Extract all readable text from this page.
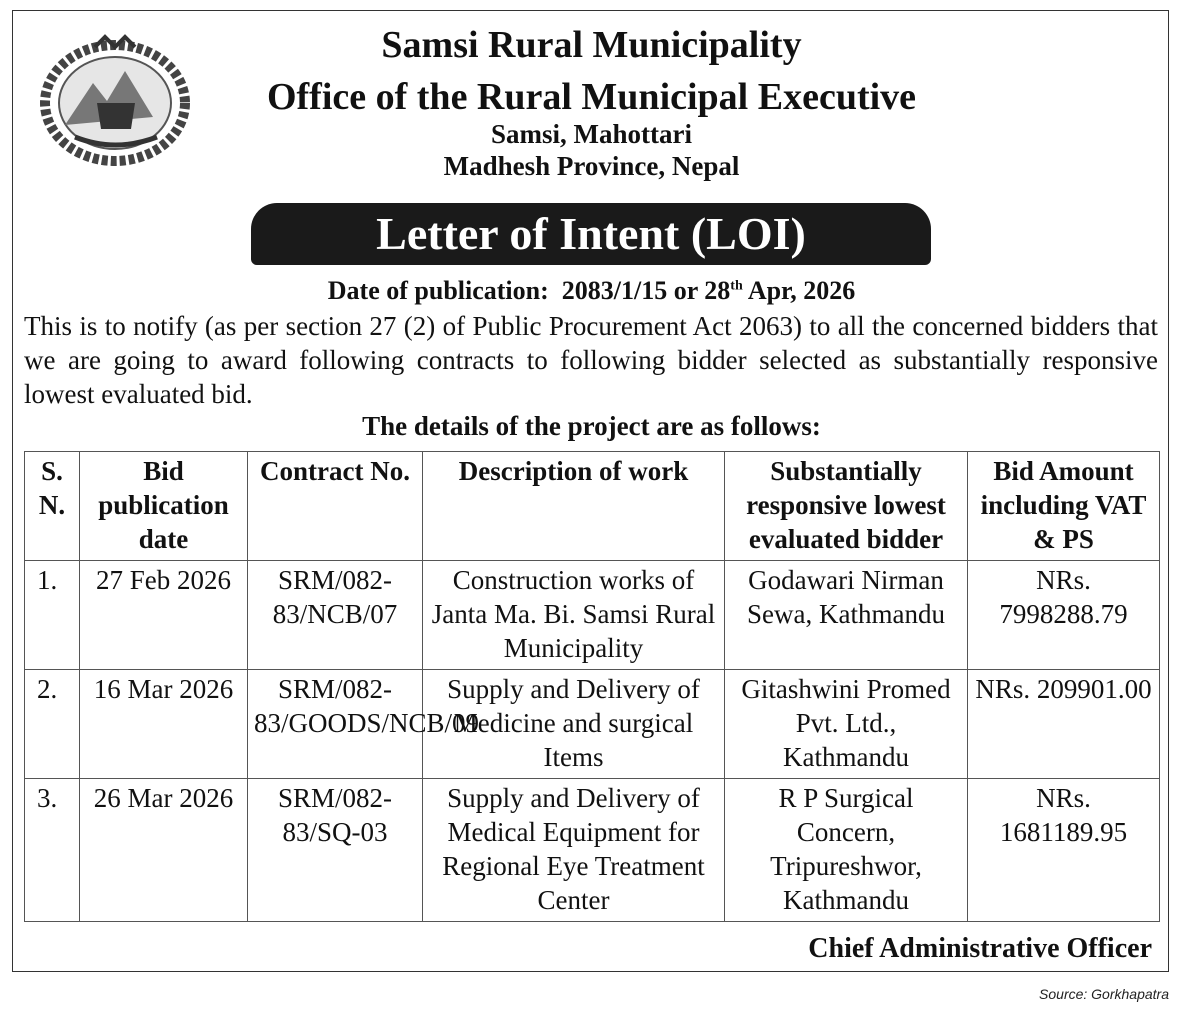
Samsi Rural Municipality
Office of the Rural Municipal Executive
Samsi, Mahottari
Madhesh Province, Nepal
Letter of Intent (LOI)
Date of publication: 2083/1/15 or 28th Apr, 2026
This is to notify (as per section 27 (2) of Public Procurement Act 2063) to all the concerned bidders that we are going to award following contracts to following bidder selected as substantially responsive lowest evaluated bid.
The details of the project are as follows:
S. N.	Bid publication date	Contract No.	Description of work	Substantially responsive lowest evaluated bidder	Bid Amount including VAT & PS
1.	27 Feb 2026	SRM/082-83/NCB/07	Construction works of Janta Ma. Bi. Samsi Rural Municipality	Godawari Nirman Sewa, Kathmandu	NRs. 7998288.79
2.	16 Mar 2026	SRM/082-83/GOODS/NCB/09	Supply and Delivery of Medicine and surgical Items	Gitashwini Promed Pvt. Ltd., Kathmandu	NRs. 209901.00
3.	26 Mar 2026	SRM/082-83/SQ-03	Supply and Delivery of Medical Equipment for Regional Eye Treatment Center	R P Surgical Concern, Tripureshwor, Kathmandu	NRs. 1681189.95
Chief Administrative Officer
Source: Gorkhapatra
